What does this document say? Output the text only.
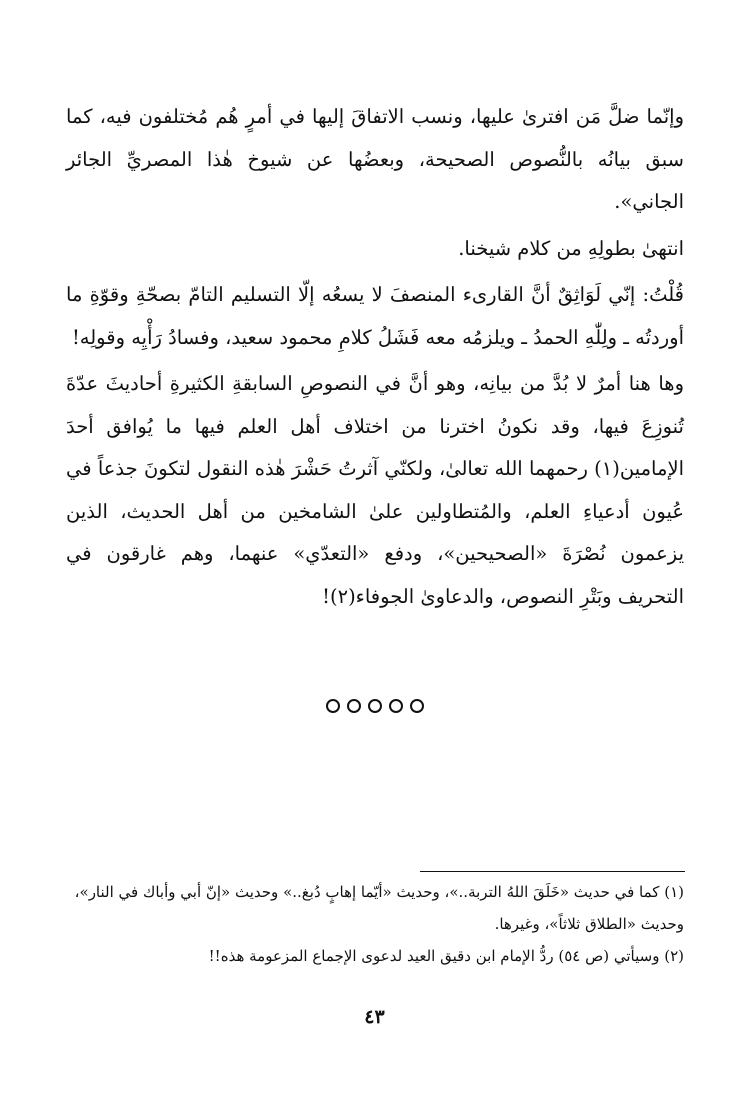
وإنّما ضلَّ مَن افترىٰ عليها، ونسب الاتفاقَ إليها في أمرٍ هُم مُختلفون فيه، كما سبق بيانُه بالنُّصوص الصحيحة، وبعضُها عن شيوخ هٰذا المصريِّ الجائر الجاني».

انتهىٰ بطولِهِ من كلام شيخنا.

قُلْتُ: إنّي لَوَاثِقٌ أنَّ القارىء المنصفَ لا يسعُه إلّا التسليم التامّ بصحّةِ وقوّةِ ما أوردتُه ـ ولِلّٰهِ الحمدُ ـ ويلزمُه معه فَشَلُ كلامِ محمود سعيد، وفسادُ رَأْيِه وقولِه!

وها هنا أمرٌ لا بُدَّ من بيانِه، وهو أنَّ في النصوصِ السابقةِ الكثيرةِ أحاديثَ عدّةَ تُنوزِعَ فيها، وقد نكونُ اخترنا من اختلاف أهل العلم فيها ما يُوافق أحدَ الإمامين(١) رحمهما الله تعالىٰ، ولكنّي آثرتُ حَشْرَ هٰذه النقول لتكونَ جذعاً في عُيون أدعياءِ العلم، والمُتطاولين علىٰ الشامخين من أهل الحديث، الذين يزعمون نُصْرَةَ «الصحيحين»، ودفع «التعدّي» عنهما، وهم غارقون في التحريف وبَتْرِ النصوص، والدعاوىٰ الجوفاء(٢)!

(١) كما في حديث «خَلَقَ اللهُ التربة..»، وحديث «أيّما إهابٍ دُبغ..» وحديث «إنّ أبي وأباك في النار»، وحديث «الطلاق ثلاثاً»، وغيرها.

(٢) وسيأتي (ص ٥٤) ردُّ الإمام ابن دقيق العيد لدعوى الإجماع المزعومة هذه!!

٤٣
